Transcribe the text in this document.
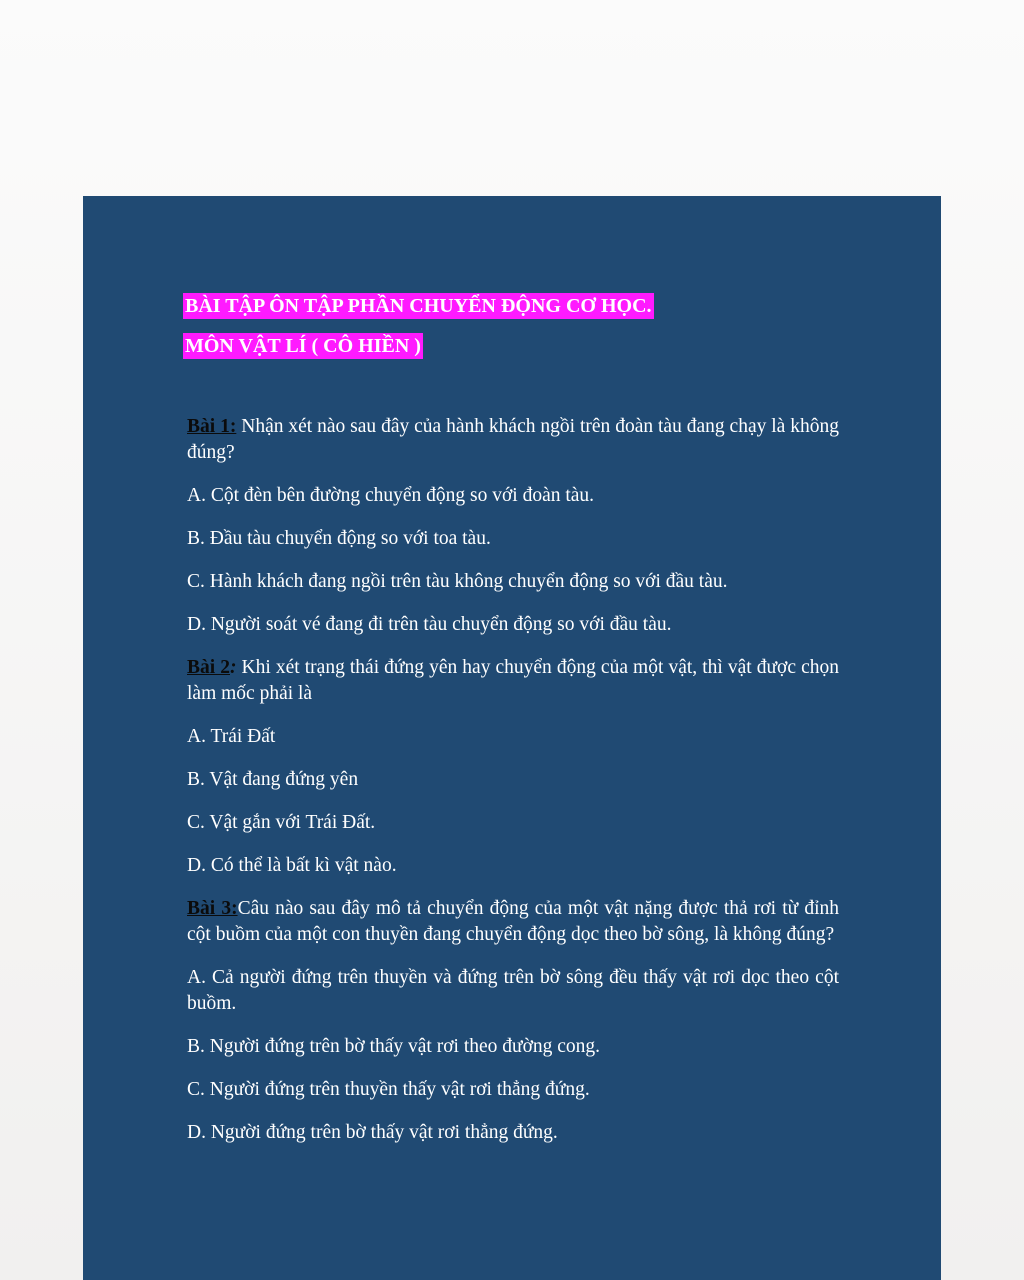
BÀI TẬP ÔN TẬP PHẦN CHUYỂN ĐỘNG CƠ HỌC.
MÔN VẬT LÍ ( CÔ HIỀN )

Bài 1: Nhận xét nào sau đây của hành khách ngồi trên đoàn tàu đang chạy là không đúng?

A. Cột đèn bên đường chuyển động so với đoàn tàu.

B. Đầu tàu chuyển động so với toa tàu.

C. Hành khách đang ngồi trên tàu không chuyển động so với đầu tàu.

D. Người soát vé đang đi trên tàu chuyển động so với đầu tàu.

Bài 2: Khi xét trạng thái đứng yên hay chuyển động của một vật, thì vật được chọn làm mốc phải là

A. Trái Đất

B. Vật đang đứng yên

C. Vật gắn với Trái Đất.

D. Có thể là bất kì vật nào.

Bài 3:Câu nào sau đây mô tả chuyển động của một vật nặng được thả rơi từ đỉnh cột buồm của một con thuyền đang chuyển động dọc theo bờ sông, là không đúng?

A. Cả người đứng trên thuyền và đứng trên bờ sông đều thấy vật rơi dọc theo cột buồm.

B. Người đứng trên bờ thấy vật rơi theo đường cong.

C. Người đứng trên thuyền thấy vật rơi thẳng đứng.

D. Người đứng trên bờ thấy vật rơi thẳng đứng.
